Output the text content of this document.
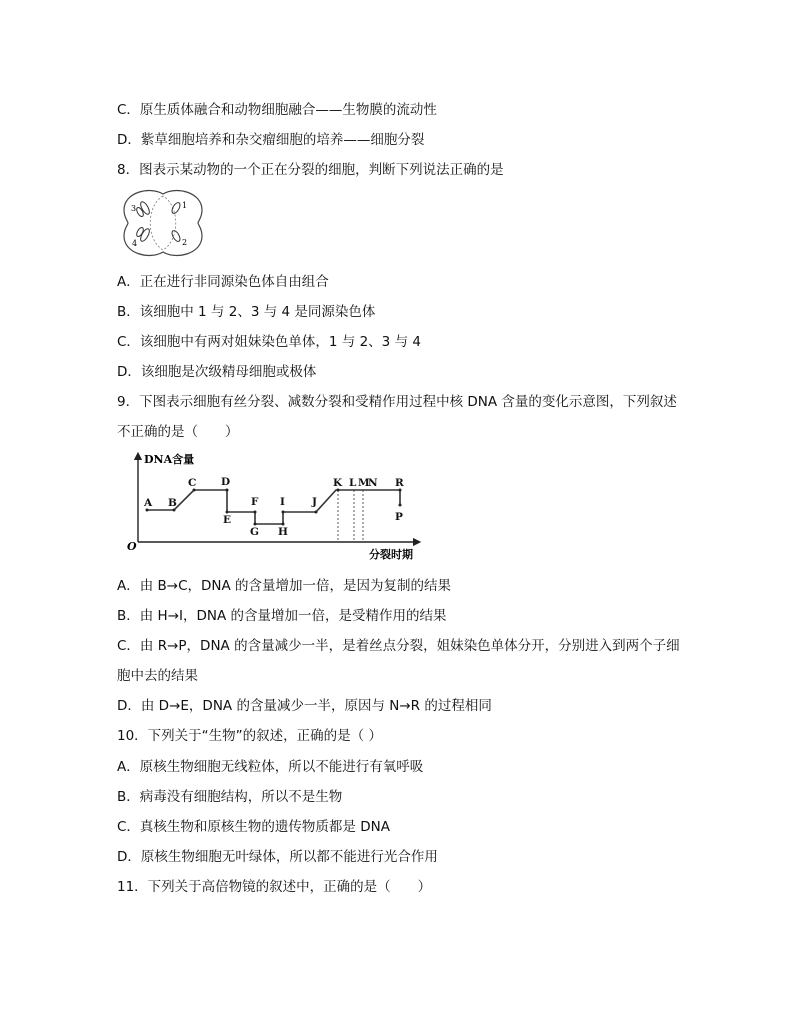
C．原生质体融合和动物细胞融合——生物膜的流动性
D．紫草细胞培养和杂交瘤细胞的培养——细胞分裂
8．图表示某动物的一个正在分裂的细胞，判断下列说法正确的是
3	1
4	2
A．正在进行非同源染色体自由组合
B．该细胞中 1 与 2、3 与 4 是同源染色体
C．该细胞中有两对姐妹染色单体，1 与 2、3 与 4
D．该细胞是次级精母细胞或极体
9．下图表示细胞有丝分裂、减数分裂和受精作用过程中核 DNA 含量的变化示意图，下列叙述
不正确的是（　　）
DNA含量
分裂时期
O
A B
C D
E
F
G H
I	J
K L M
N R
P
A．由 B→C，DNA 的含量增加一倍，是因为复制的结果
B．由 H→I，DNA 的含量增加一倍，是受精作用的结果
C．由 R→P，DNA 的含量减少一半，是着丝点分裂，姐妹染色单体分开，分别进入到两个子细
胞中去的结果
D．由 D→E，DNA 的含量减少一半，原因与 N→R 的过程相同
10．下列关于“生物”的叙述，正确的是（ ）
A．原核生物细胞无线粒体，所以不能进行有氧呼吸
B．病毒没有细胞结构，所以不是生物
C．真核生物和原核生物的遗传物质都是 DNA
D．原核生物细胞无叶绿体，所以都不能进行光合作用
11．下列关于高倍物镜的叙述中，正确的是（　　）
